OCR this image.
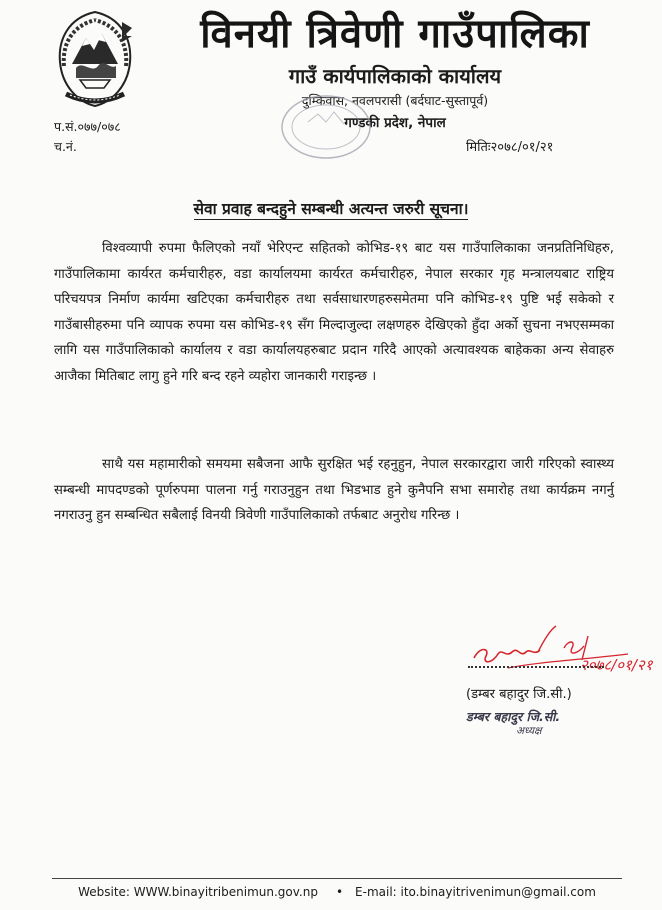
विनयी त्रिवेणी गाउँपालिका
गाउँ कार्यपालिकाको कार्यालय
दुम्किवास, नवलपरासी (बर्दघाट-सुस्तापूर्व)
गण्डकी प्रदेश, नेपाल
प.सं.०७७/०७८
च.नं.	मितिः२०७८/०१/२१
सेवा प्रवाह बन्दहुने सम्बन्धी अत्यन्त जरुरी सूचना।

विश्वव्यापी रुपमा फैलिएको नयाँ भेरिएन्ट सहितको कोभिड-१९ बाट यस गाउँपालिकाका जनप्रतिनिधिहरु, गाउँपालिकामा कार्यरत कर्मचारीहरु, वडा कार्यालयमा कार्यरत कर्मचारीहरु, नेपाल सरकार गृह मन्त्रालयबाट राष्ट्रिय परिचयपत्र निर्माण कार्यमा खटिएका कर्मचारीहरु तथा सर्वसाधारणहरुसमेतमा पनि कोभिड-१९ पुष्टि भई सकेको र गाउँबासीहरुमा पनि व्यापक रुपमा यस कोभिड-१९ सँग मिल्दाजुल्दा लक्षणहरु देखिएको हुँदा अर्को सुचना नभएसम्मका लागि यस गाउँपालिकाको कार्यालय र वडा कार्यालयहरुबाट प्रदान गरिदै आएको अत्यावश्यक बाहेकका अन्य सेवाहरु आजैका मितिबाट लागु हुने गरि बन्द रहने व्यहोरा जानकारी गराइन्छ ।

साथै यस महामारीको समयमा सबैजना आफै सुरक्षित भई रहनुहुन, नेपाल सरकारद्वारा जारी गरिएको स्वास्थ्य सम्बन्धी मापदण्डको पूर्णरुपमा पालना गर्नु गराउनुहुन तथा भिडभाड हुने कुनैपनि सभा समारोह तथा कार्यक्रम नगर्नु नगराउनु हुन सम्बन्धित सबैलाई विनयी त्रिवेणी गाउँपालिकाको तर्फबाट अनुरोध गरिन्छ ।

२०७८/०१/२१
(डम्बर बहादुर जि.सी.)
डम्बर बहादुर जि.सी.
अध्यक्ष
Website: WWW.binayitribenimun.gov.np • E-mail: ito.binayitrivenimun@gmail.com
